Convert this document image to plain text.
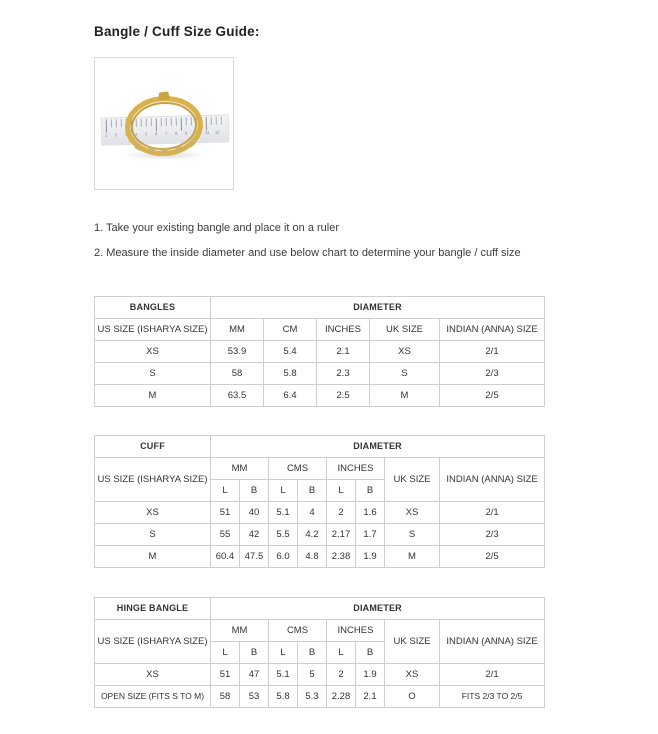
Bangle / Cuff Size Guide:
1 2 3 4 5 6 7 8 9 10 11 12
1. Take your existing bangle and place it on a ruler
2. Measure the inside diameter and use below chart to determine your bangle / cuff size
BANGLES	DIAMETER				
US SIZE (ISHARYA SIZE)	MM	CM	INCHES	UK SIZE	INDIAN (ANNA) SIZE
XS	53.9	5.4	2.1	XS	2/1
S	58	5.8	2.3	S	2/3
M	63.5	6.4	2.5	M	2/5
CUFF	DIAMETER							
US SIZE (ISHARYA SIZE)	MM		CMS		INCHES		UK SIZE	INDIAN (ANNA) SIZE
	L	B	L	B	L	B		
XS	51	40	5.1	4	2	1.6	XS	2/1
S	55	42	5.5	4.2	2.17	1.7	S	2/3
M	60.4	47.5	6.0	4.8	2.38	1.9	M	2/5
HINGE BANGLE	DIAMETER							
US SIZE (ISHARYA SIZE)	MM		CMS		INCHES		UK SIZE	INDIAN (ANNA) SIZE
	L	B	L	B	L	B		
XS	51	47	5.1	5	2	1.9	XS	2/1
OPEN SIZE (FITS S TO M)	58	53	5.8	5.3	2.28	2.1	O	FITS 2/3 TO 2/5
